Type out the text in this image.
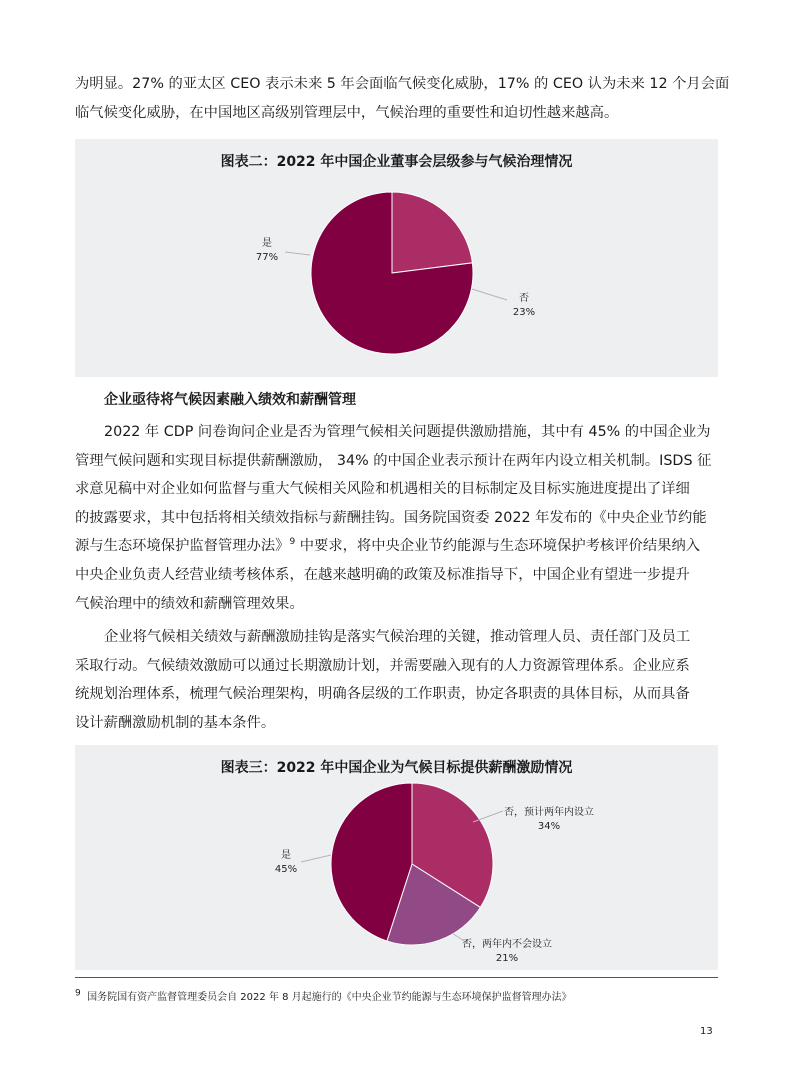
为明显。27% 的亚太区 CEO 表示未来 5 年会面临气候变化威胁，17% 的 CEO 认为未来 12 个月会面
临气候变化威胁，在中国地区高级别管理层中，气候治理的重要性和迫切性越来越高。

图表二：2022 年中国企业董事会层级参与气候治理情况

是
77%
否
23%

企业亟待将气候因素融入绩效和薪酬管理

2022 年 CDP 问卷询问企业是否为管理气候相关问题提供激励措施，其中有 45% 的中国企业为
管理气候问题和实现目标提供薪酬激励， 34% 的中国企业表示预计在两年内设立相关机制。ISDS 征
求意见稿中对企业如何监督与重大气候相关风险和机遇相关的目标制定及目标实施进度提出了详细
的披露要求，其中包括将相关绩效指标与薪酬挂钩。国务院国资委 2022 年发布的《中央企业节约能
源与生态环境保护监督管理办法》$^9$ 中要求，将中央企业节约能源与生态环境保护考核评价结果纳入
中央企业负责人经营业绩考核体系，在越来越明确的政策及标准指导下，中国企业有望进一步提升
气候治理中的绩效和薪酬管理效果。
企业将气候相关绩效与薪酬激励挂钩是落实气候治理的关键，推动管理人员、责任部门及员工
采取行动。气候绩效激励可以通过长期激励计划，并需要融入现有的人力资源管理体系。企业应系
统规划治理体系，梳理气候治理架构，明确各层级的工作职责，协定各职责的具体目标，从而具备
设计薪酬激励机制的基本条件。

图表三：2022 年中国企业为气候目标提供薪酬激励情况

否，预计两年内设立
34%
否，两年内不会设立
21%
是
45%

$^9$ 国务院国有资产监督管理委员会自 2022 年 8 月起施行的《中央企业节约能源与生态环境保护监督管理办法》

13
